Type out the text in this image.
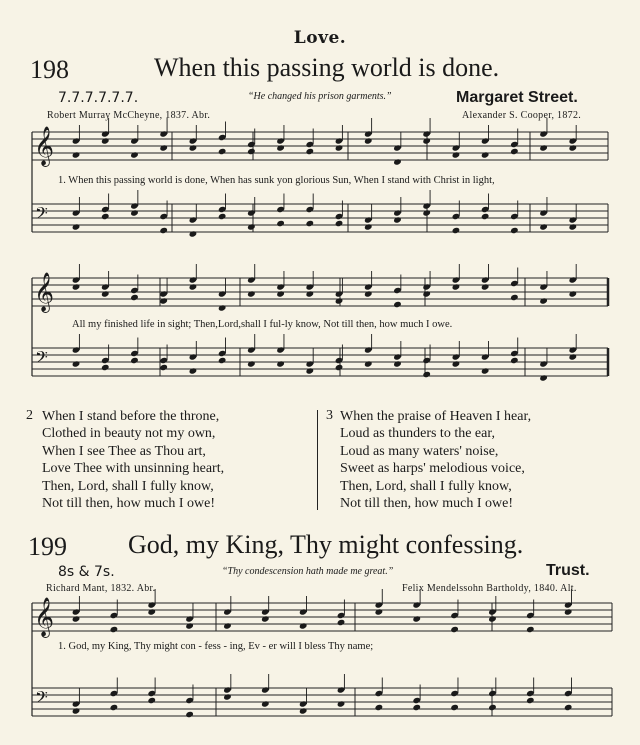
Love.
198	When this passing world is done.
7.7.7.7.7.7.	“He changed his prison garments.”	Margaret Street.
Robert Murray McCheyne, 1837. Abr.	Alexander S. Cooper, 1872.
𝄞
𝄢
𝄞
𝄢
𝄞
𝄢
1. When this passing world is done, When has sunk yon glorious Sun, When I stand with Christ in light,
All my finished life in sight; Then,Lord,shall I ful-ly know, Not till then, how much I owe.
2 When I stand before the throne,
Clothed in beauty not my own,
When I see Thee as Thou art,
Love Thee with unsinning heart,
Then, Lord, shall I fully know,
Not till then, how much I owe!
3 When the praise of Heaven I hear,
Loud as thunders to the ear,
Loud as many waters' noise,
Sweet as harps' melodious voice,
Then, Lord, shall I fully know,
Not till then, how much I owe!
199 God, my King, Thy might confessing.
8s & 7s.	“Thy condescension hath made me great.”	Trust.
Richard Mant, 1832. Abr.	Felix Mendelssohn Bartholdy, 1840. Alt.
1. God, my King, Thy might con - fess - ing, Ev - er will I bless Thy name;
